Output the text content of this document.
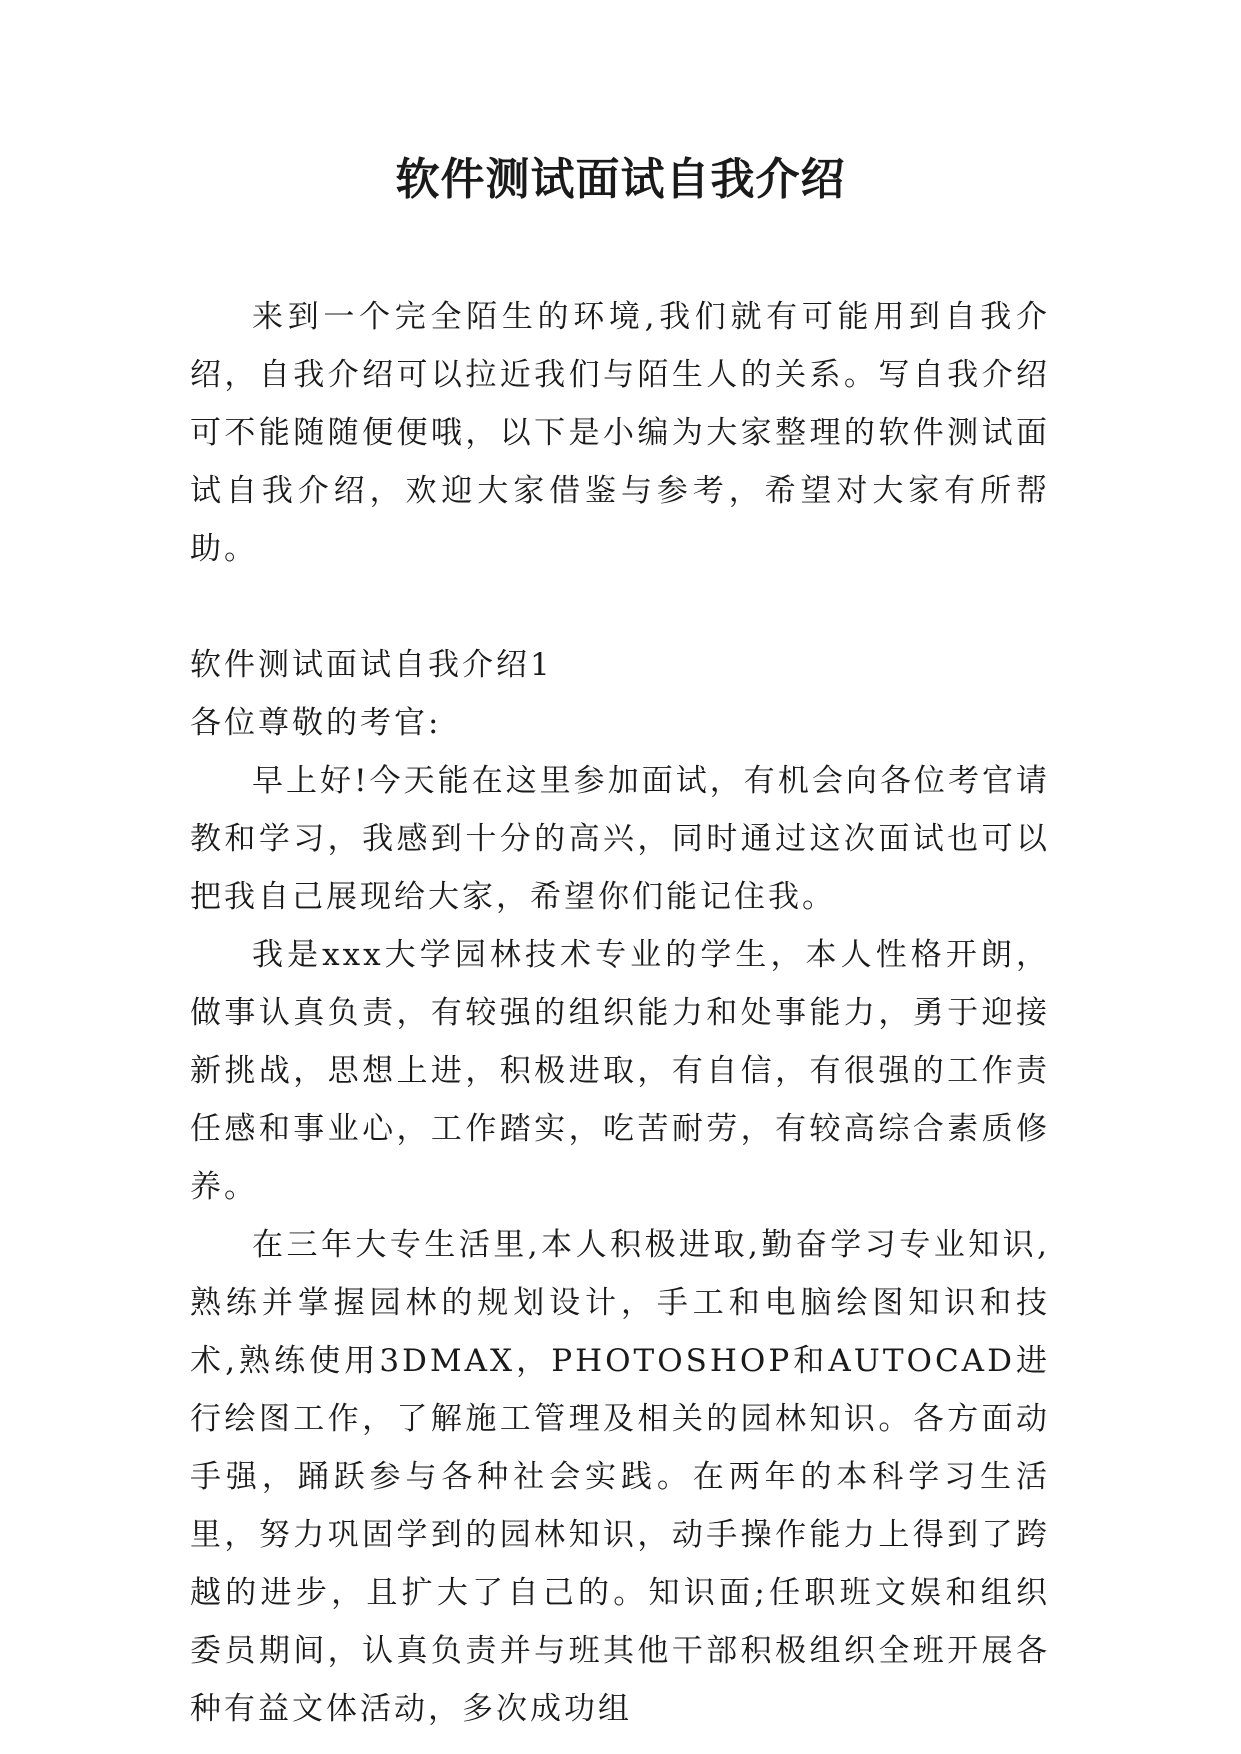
软件测试面试自我介绍

来到一个完全陌生的环境,我们就有可能用到自我介绍，自我介绍可以拉近我们与陌生人的关系。写自我介绍可不能随随便便哦，以下是小编为大家整理的软件测试面试自我介绍，欢迎大家借鉴与参考，希望对大家有所帮助。

软件测试面试自我介绍1

各位尊敬的考官:

早上好!今天能在这里参加面试，有机会向各位考官请教和学习，我感到十分的高兴，同时通过这次面试也可以把我自己展现给大家，希望你们能记住我。

我是xxx大学园林技术专业的学生，本人性格开朗，做事认真负责，有较强的组织能力和处事能力，勇于迎接新挑战，思想上进，积极进取，有自信，有很强的工作责任感和事业心，工作踏实，吃苦耐劳，有较高综合素质修养。

在三年大专生活里,本人积极进取,勤奋学习专业知识,熟练并掌握园林的规划设计，手工和电脑绘图知识和技术,熟练使用3DMAX，PHOTOSHOP和AUTOCAD进行绘图工作，了解施工管理及相关的园林知识。各方面动手强，踊跃参与各种社会实践。在两年的本科学习生活里，努力巩固学到的园林知识，动手操作能力上得到了跨越的进步，且扩大了自己的。知识面;任职班文娱和组织委员期间，认真负责并与班其他干部积极组织全班开展各种有益文体活动，多次成功组
